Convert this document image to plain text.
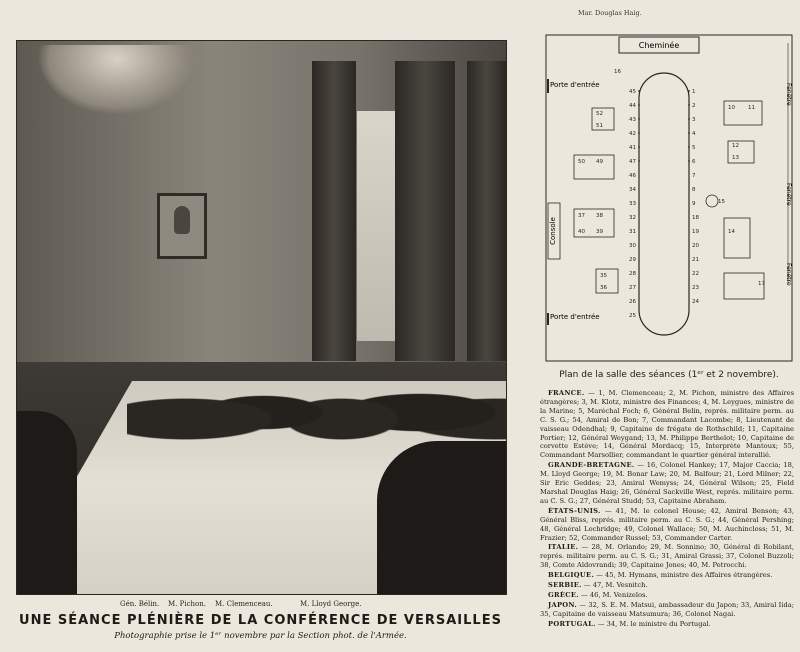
Gén. Bélin. M. Pichon. M. Clemenceau.	M. Lloyd George.
UNE SÉANCE PLÉNIÈRE DE LA CONFÉRENCE DE VERSAILLES
Photographie prise le 1ᵉʳ novembre par la Section phot. de l'Armée.
Mar. Douglas Haig.
Cheminée
Porte d'entrée
Porte d'entrée
Console
Fenêtre
Fenêtre
Fenêtre
45
44
43
42
41
47
46
34
33
32
31
30
29
28
27
26
25
1
2
3
4
5
6
7
8
9
18
19
20
21
22
23
24
52
51
50 49
37 38
40 39
35
36
10 11
12
13
15
14
17
16
Plan de la salle des séances (1ᵉʳ et 2 novembre).

FRANCE. — 1, M. Clemenceau; 2, M. Pichon, ministre des Affaires étrangères; 3, M. Klotz, ministre des Finances; 4, M. Leygues, ministre de la Marine; 5, Maréchal Foch; 6, Général Belin, représ. militaire perm. au C. S. G.; 54, Amiral de Bon; 7, Commandant Lacombe; 8, Lieutenant de vaisseau Odendhal; 9, Capitaine de frégate de Rothschild; 11, Capitaine Portier; 12, Général Weygand; 13, M. Philippe Berthelot; 10, Capitaine de corvette Estève; 14, Général Mordacq; 15, Interprète Mantoux; 55, Commandant Marsollier, commandant le quartier général interallié.

GRANDE-BRETAGNE. — 16, Colonel Hankey; 17, Major Caccia; 18, M. Lloyd George; 19, M. Bonar Law; 20, M. Balfour; 21, Lord Milner; 22, Sir Eric Geddes; 23, Amiral Wemyss; 24, Général Wilson; 25, Field Marshal Douglas Haig; 26, Général Sackville West, représ. militaire perm. au C. S. G.; 27, Général Studd; 53, Capitaine Abraham.

ÉTATS-UNIS. — 41, M. le colonel House; 42, Amiral Benson; 43, Général Bliss, représ. militaire perm. au C. S. G.; 44, Général Pershing; 48, Général Lochridge; 49, Colonel Wallace; 50, M. Auchincloss; 51, M. Frazier; 52, Commander Russel; 53, Commander Carter.

ITALIE. — 28, M. Orlando; 29, M. Sonnino; 30, Général di Robilant, représ. militaire perm. au C. S. G.; 31, Amiral Grassi; 37, Colonel Buzzoli; 38, Comte Aldovrandi; 39, Capitaine Jones; 40, M. Petrocchi.

BELGIQUE. — 45, M. Hymans, ministre des Affaires étrangères.

SERBIE. — 47, M. Vesnitch.

GRÈCE. — 46, M. Venizelos.

JAPON. — 32, S. E. M. Matsui, ambassadeur du Japon; 33, Amiral Iida; 35, Capitaine de vaisseau Matsumura; 36, Colonel Nagai.

PORTUGAL. — 34, M. le ministre du Portugal.
